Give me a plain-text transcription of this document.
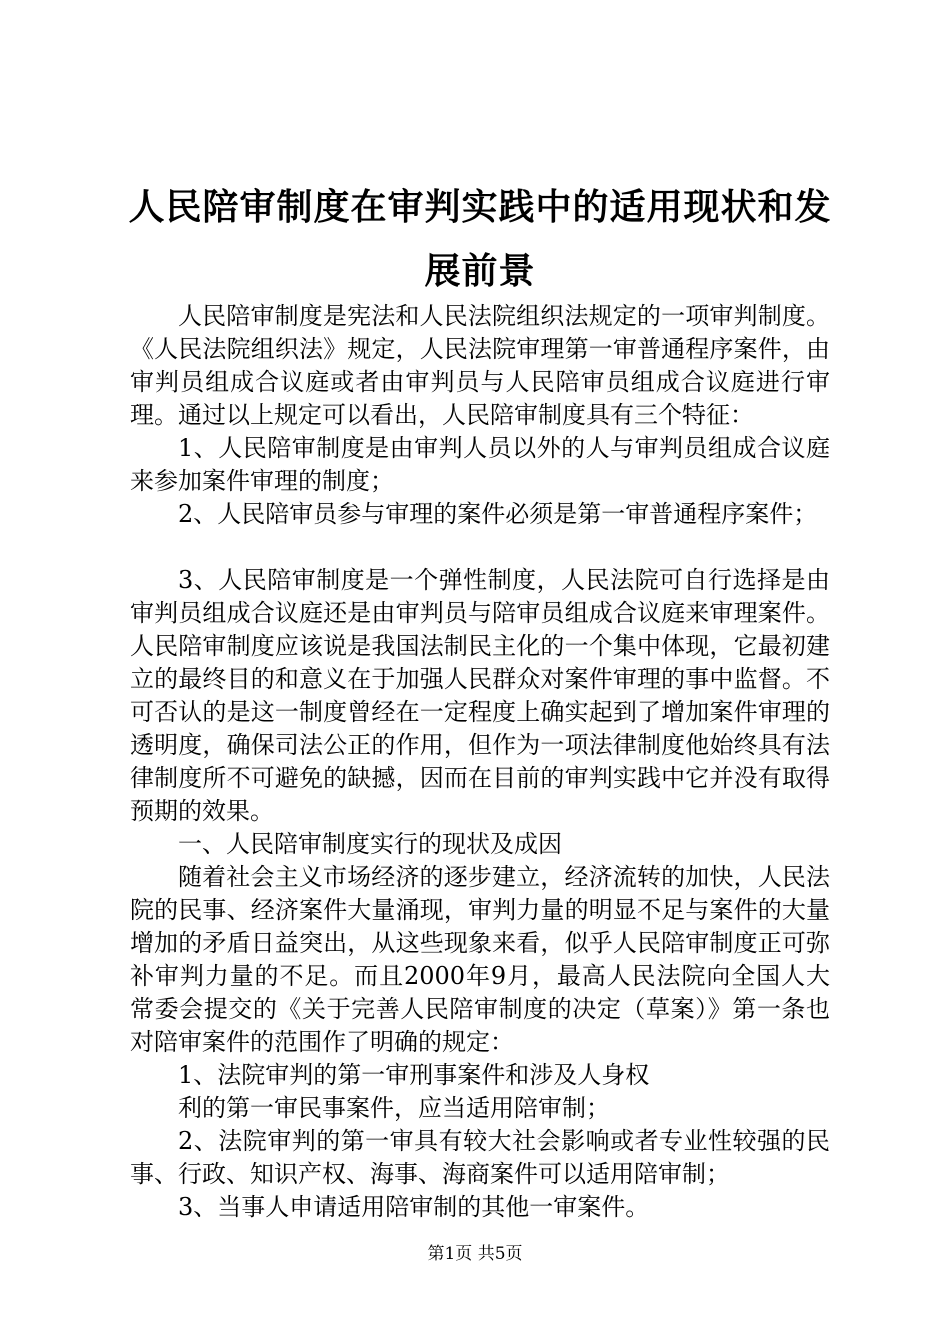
人民陪审制度在审判实践中的适用现状和发展前景

人民陪审制度是宪法和人民法院组织法规定的一项审判制度。《人民法院组织法》规定，人民法院审理第一审普通程序案件，由审判员组成合议庭或者由审判员与人民陪审员组成合议庭进行审理。通过以上规定可以看出，人民陪审制度具有三个特征：

1、人民陪审制度是由审判人员以外的人与审判员组成合议庭来参加案件审理的制度；

2、人民陪审员参与审理的案件必须是第一审普通程序案件；

3、人民陪审制度是一个弹性制度，人民法院可自行选择是由审判员组成合议庭还是由审判员与陪审员组成合议庭来审理案件。人民陪审制度应该说是我国法制民主化的一个集中体现，它最初建立的最终目的和意义在于加强人民群众对案件审理的事中监督。不可否认的是这一制度曾经在一定程度上确实起到了增加案件审理的透明度，确保司法公正的作用，但作为一项法律制度他始终具有法律制度所不可避免的缺撼，因而在目前的审判实践中它并没有取得预期的效果。

一、人民陪审制度实行的现状及成因

随着社会主义市场经济的逐步建立，经济流转的加快，人民法院的民事、经济案件大量涌现，审判力量的明显不足与案件的大量增加的矛盾日益突出，从这些现象来看，似乎人民陪审制度正可弥补审判力量的不足。而且2000年9月，最高人民法院向全国人大常委会提交的《关于完善人民陪审制度的决定（草案）》第一条也对陪审案件的范围作了明确的规定：

1、法院审判的第一审刑事案件和涉及人身权

利的第一审民事案件，应当适用陪审制；

2、法院审判的第一审具有较大社会影响或者专业性较强的民事、行政、知识产权、海事、海商案件可以适用陪审制；

3、当事人申请适用陪审制的其他一审案件。

第1页 共5页
